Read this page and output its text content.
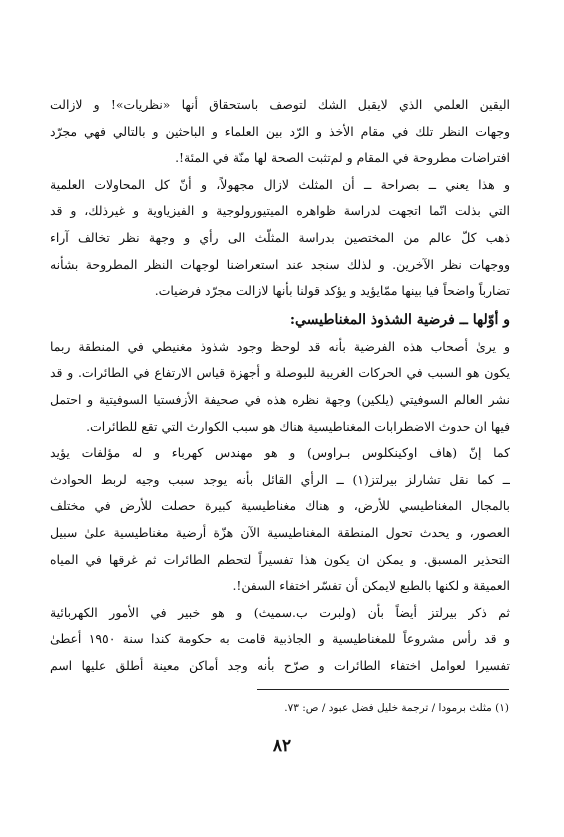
اليقين العلمي الذي لايقبل الشك لتوصف باستحقاق أنها «نظريات»! و لازالت
وجهات النظر تلك في مقام الأخذ و الرّد بين العلماء و الباحثين و بالتالي فهي مجرّد
افتراضات مطروحة في المقام و لم‌تثبت الصحة لها منّة في المئة!.

و هذا يعني ــ بصراحة ــ أن المثلث لازال مجهولاً، و أنّ كل المحاولات العلمية
التي بذلت انّما اتجهت لدراسة ظواهره الميتيورولوجية و الفيزياوية و غيرذلك، و قد
ذهب كلّ عالم من المختصين بدراسة المثلّث الى رأي و وجهة نظر تخالف آراء
ووجهات نظر الآخرين. و لذلك سنجد عند استعراضنا لوجهات النظر المطروحة بشأنه
تضارباً واضحاً فيا بينها ممّايؤيد و يؤكد قولنا بأنها لازالت مجرّد فرضيات.

و أوّلها ــ فرضية الشذوذ المغناطيسي:

و يرىٰ أصحاب هذه الفرضية بأنه قد لوحظ وجود شذوذ مغنيطي في المنطقة ربما
يكون هو السبب في الحركات الغريبة للبوصلة و أجهزة قياس الارتفاع في الطائرات. و قد
نشر العالم السوفيتي (يلكين) وجهة نظره هذه في صحيفة الأزفستيا السوفيتية و احتمل
فيها ان حدوث الاضطرابات المغناطيسية هناك هو سبب الكوارث التي تقع للطائرات.

كما إنّ (هاف اوكينكلوس بـراوس) و هو مهندس كهرباء و له مؤلفات يؤيد
ــ كما نقل تشارلز بيرلتز(١) ــ الرأي القائل بأنه يوجد سبب وجيه لربط الحوادث
بالمجال المغناطيسي للأرض، و هناك مغناطيسية كبيرة حصلت للأرض في مختلف
العصور، و يحدث تحول المنطقة المغناطيسية الآن هزّة أرضية مغناطيسية علىٰ سبيل
التحذير المسبق. و يمكن ان يكون هذا تفسيراً لتحطم الطائرات ثم غرقها في المياه
العميقة و لكنها بالطبع لايمكن أن تفسّر اختفاء السفن!.

ثم ذكر بيرلتز أيضاً بأن (ولبرت ب.سميث) و هو خبير في الأمور الكهربائية
و قد رأس مشروعاً للمغناطيسية و الجاذبية قامت به حكومة كندا سنة ١٩٥٠ أعطىٰ
تفسيرا لعوامل اختفاء الطائرات و صرّح بأنه وجد أماكن معينة أطلق عليها اسم

(١) مثلث برمودا / ترجمة خليل فضل عبود / ص: ٧٣.
٨٢
